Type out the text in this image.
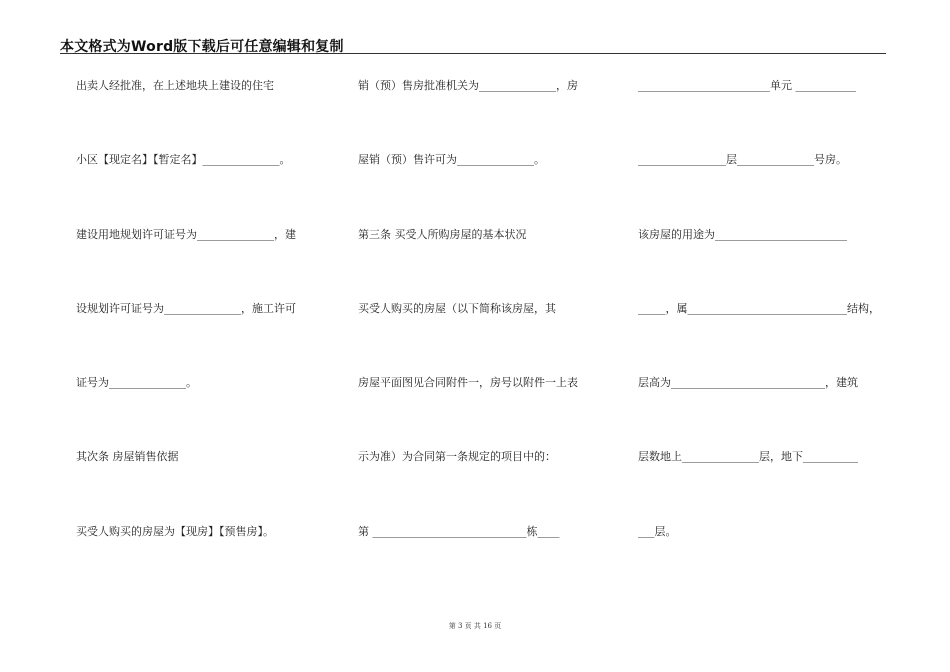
本文格式为Word版下载后可任意编辑和复制
出卖人经批准，在上述地块上建设的住宅
小区【现定名】【暂定名】______________。
建设用地规划许可证号为______________，建
设规划许可证号为______________，施工许可
证号为______________。
其次条 房屋销售依据
买受人购买的房屋为【现房】【预售房】。
销（预）售房批准机关为______________，房
屋销（预）售许可为______________。
第三条 买受人所购房屋的基本状况
买受人购买的房屋（以下简称该房屋，其
房屋平面图见合同附件一，房号以附件一上表
示为准）为合同第一条规定的项目中的：
第 ____________________________栋____
________________________单元 ___________
________________层______________号房。
该房屋的用途为________________________
_____，属_____________________________结构，
层高为____________________________，建筑
层数地上______________层，地下__________
___层。
第 3 页 共 16 页
